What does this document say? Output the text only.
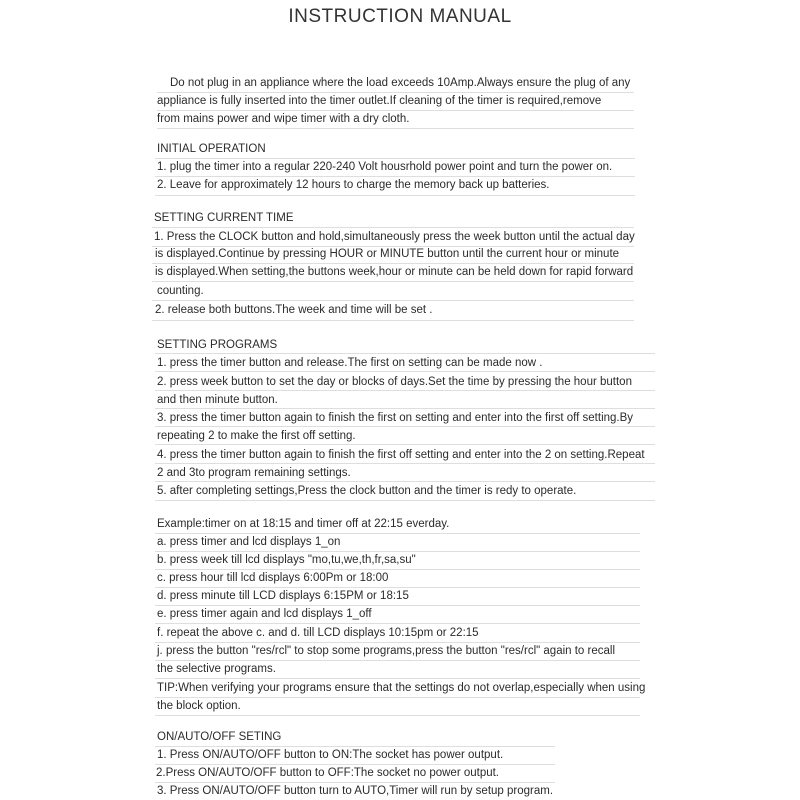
INSTRUCTION MANUAL
Do not plug in an appliance where the load exceeds 10Amp.Always ensure the plug of any
appliance is fully inserted into the timer outlet.If cleaning of the timer is required,remove
from mains power and wipe timer with a dry cloth.
INITIAL OPERATION
1. plug the timer into a regular 220-240 Volt housrhold power point and turn the power on.
2. Leave for approximately 12 hours to charge the memory back up batteries.
SETTING CURRENT TIME
1. Press the CLOCK button and hold,simultaneously press the week button until the actual day
is displayed.Continue by pressing HOUR or MINUTE button until the current hour or minute
is displayed.When setting,the buttons week,hour or minute can be held down for rapid forward
counting.
2. release both buttons.The week and time will be set .
SETTING PROGRAMS
1. press the timer button and release.The first on setting can be made now .
2. press week button to set the day or blocks of days.Set the time by pressing the hour button
and then minute button.
3. press the timer button again to finish the first on setting and enter into the first off setting.By
repeating 2 to make the first off setting.
4. press the timer button again to finish the first off setting and enter into the 2 on setting.Repeat
2 and 3to program remaining settings.
5. after completing settings,Press the clock button and the timer is redy to operate.
Example:timer on at 18:15 and timer off at 22:15 everday.
a. press timer and lcd displays 1_on
b. press week till lcd displays "mo,tu,we,th,fr,sa,su"
c. press hour till lcd displays 6:00Pm or 18:00
d. press minute till LCD displays 6:15PM or 18:15
e. press timer again and lcd displays 1_off
f. repeat the above c. and d. till LCD displays 10:15pm or 22:15
j. press the button "res/rcl" to stop some programs,press the button "res/rcl" again to recall
the selective programs.
TIP:When verifying your programs ensure that the settings do not overlap,especially when using
the block option.
ON/AUTO/OFF SETING
1. Press ON/AUTO/OFF button to ON:The socket has power output.
2.Press ON/AUTO/OFF button to OFF:The socket no power output.
3. Press ON/AUTO/OFF button turn to AUTO,Timer will run by setup program.
